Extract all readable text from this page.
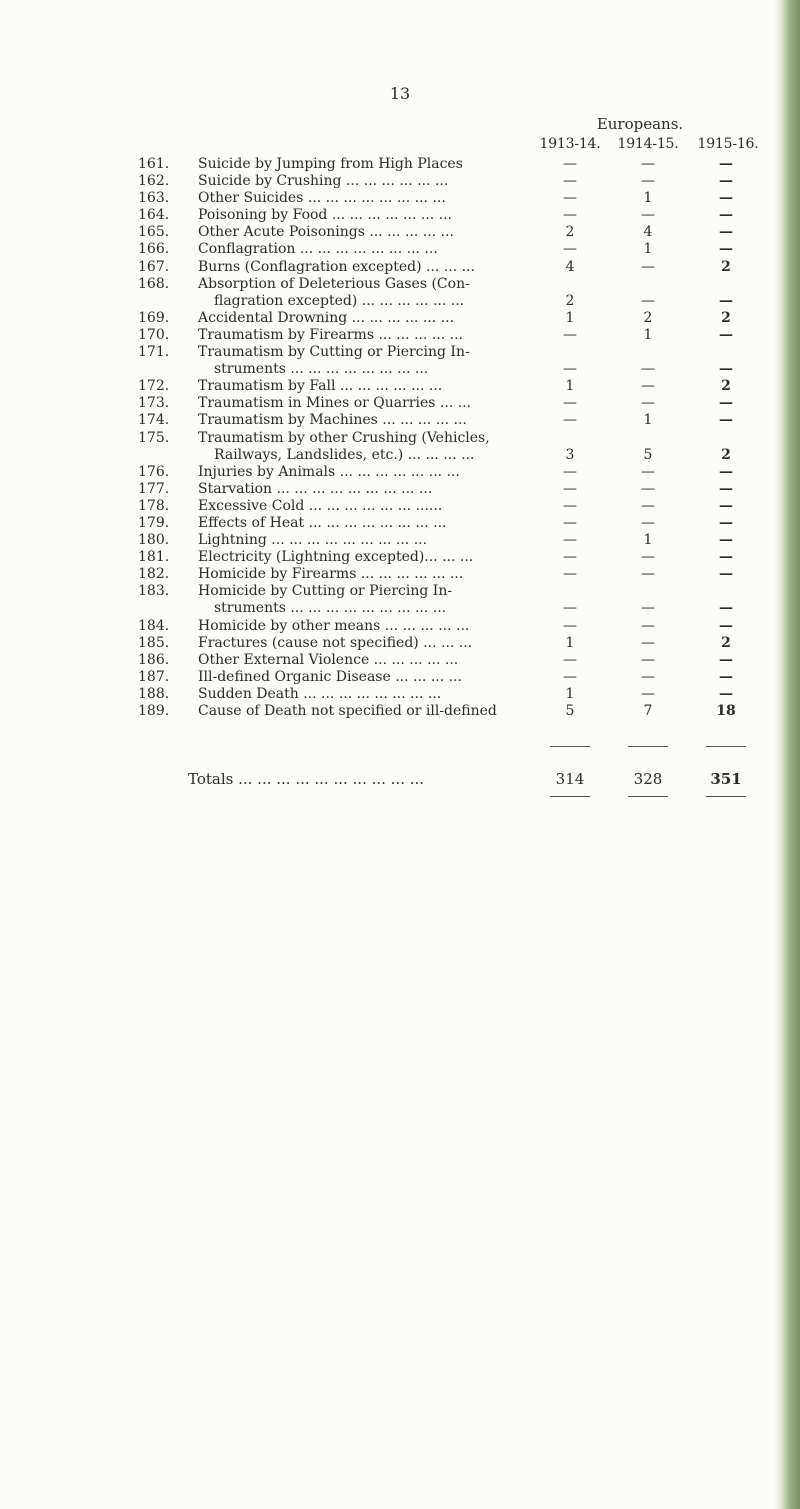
13
Europeans.
1913-14.	1914-15.	1915-16.
161.	Suicide by Jumping from High Places	—	—	—
162.	Suicide by Crushing ... ... ... ... ... ...	—	—	—
163.	Other Suicides ... ... ... ... ... ... ... ...	—	1	—
164.	Poisoning by Food ... ... ... ... ... ... ...	—	—	—
165.	Other Acute Poisonings ... ... ... ... ...	2	4	—
166.	Conflagration ... ... ... ... ... ... ... ...	—	1	—
167.	Burns (Conflagration excepted) ... ... ...	4	—	2
168.	Absorption of Deleterious Gases (Con-
flagration excepted) ... ... ... ... ... ...	2	—	—
169.	Accidental Drowning ... ... ... ... ... ...	1	2	2
170.	Traumatism by Firearms ... ... ... ... ...	—	1	—
171.	Traumatism by Cutting or Piercing In-
struments ... ... ... ... ... ... ... ...	—	—	—
172.	Traumatism by Fall ... ... ... ... ... ...	1	—	2
173.	Traumatism in Mines or Quarries ... ...	—	—	—
174.	Traumatism by Machines ... ... ... ... ...	—	1	—
175.	Traumatism by other Crushing (Vehicles,
Railways, Landslides, etc.) ... ... ... ...	3	5	2
176.	Injuries by Animals ... ... ... ... ... ... ...	—	—	—
177.	Starvation ... ... ... ... ... ... ... ... ...	—	—	—
178.	Excessive Cold ... ... ... ... ... ... ......	—	—	—
179.	Effects of Heat ... ... ... ... ... ... ... ...	—	—	—
180.	Lightning ... ... ... ... ... ... ... ... ...	—	1	—
181.	Electricity (Lightning excepted)... ... ...	—	—	—
182.	Homicide by Firearms ... ... ... ... ... ...	—	—	—
183.	Homicide by Cutting or Piercing In-
struments ... ... ... ... ... ... ... ... ...	—	—	—
184.	Homicide by other means ... ... ... ... ...	—	—	—
185.	Fractures (cause not specified) ... ... ...	1	—	2
186.	Other External Violence ... ... ... ... ...	—	—	—
187.	Ill-defined Organic Disease ... ... ... ...	—	—	—
188.	Sudden Death ... ... ... ... ... ... ... ...	1	—	—
189.	Cause of Death not specified or ill-defined	5	7	18
Totals ... ... ... ... ... ... ... ... ... ...	314	328	351
